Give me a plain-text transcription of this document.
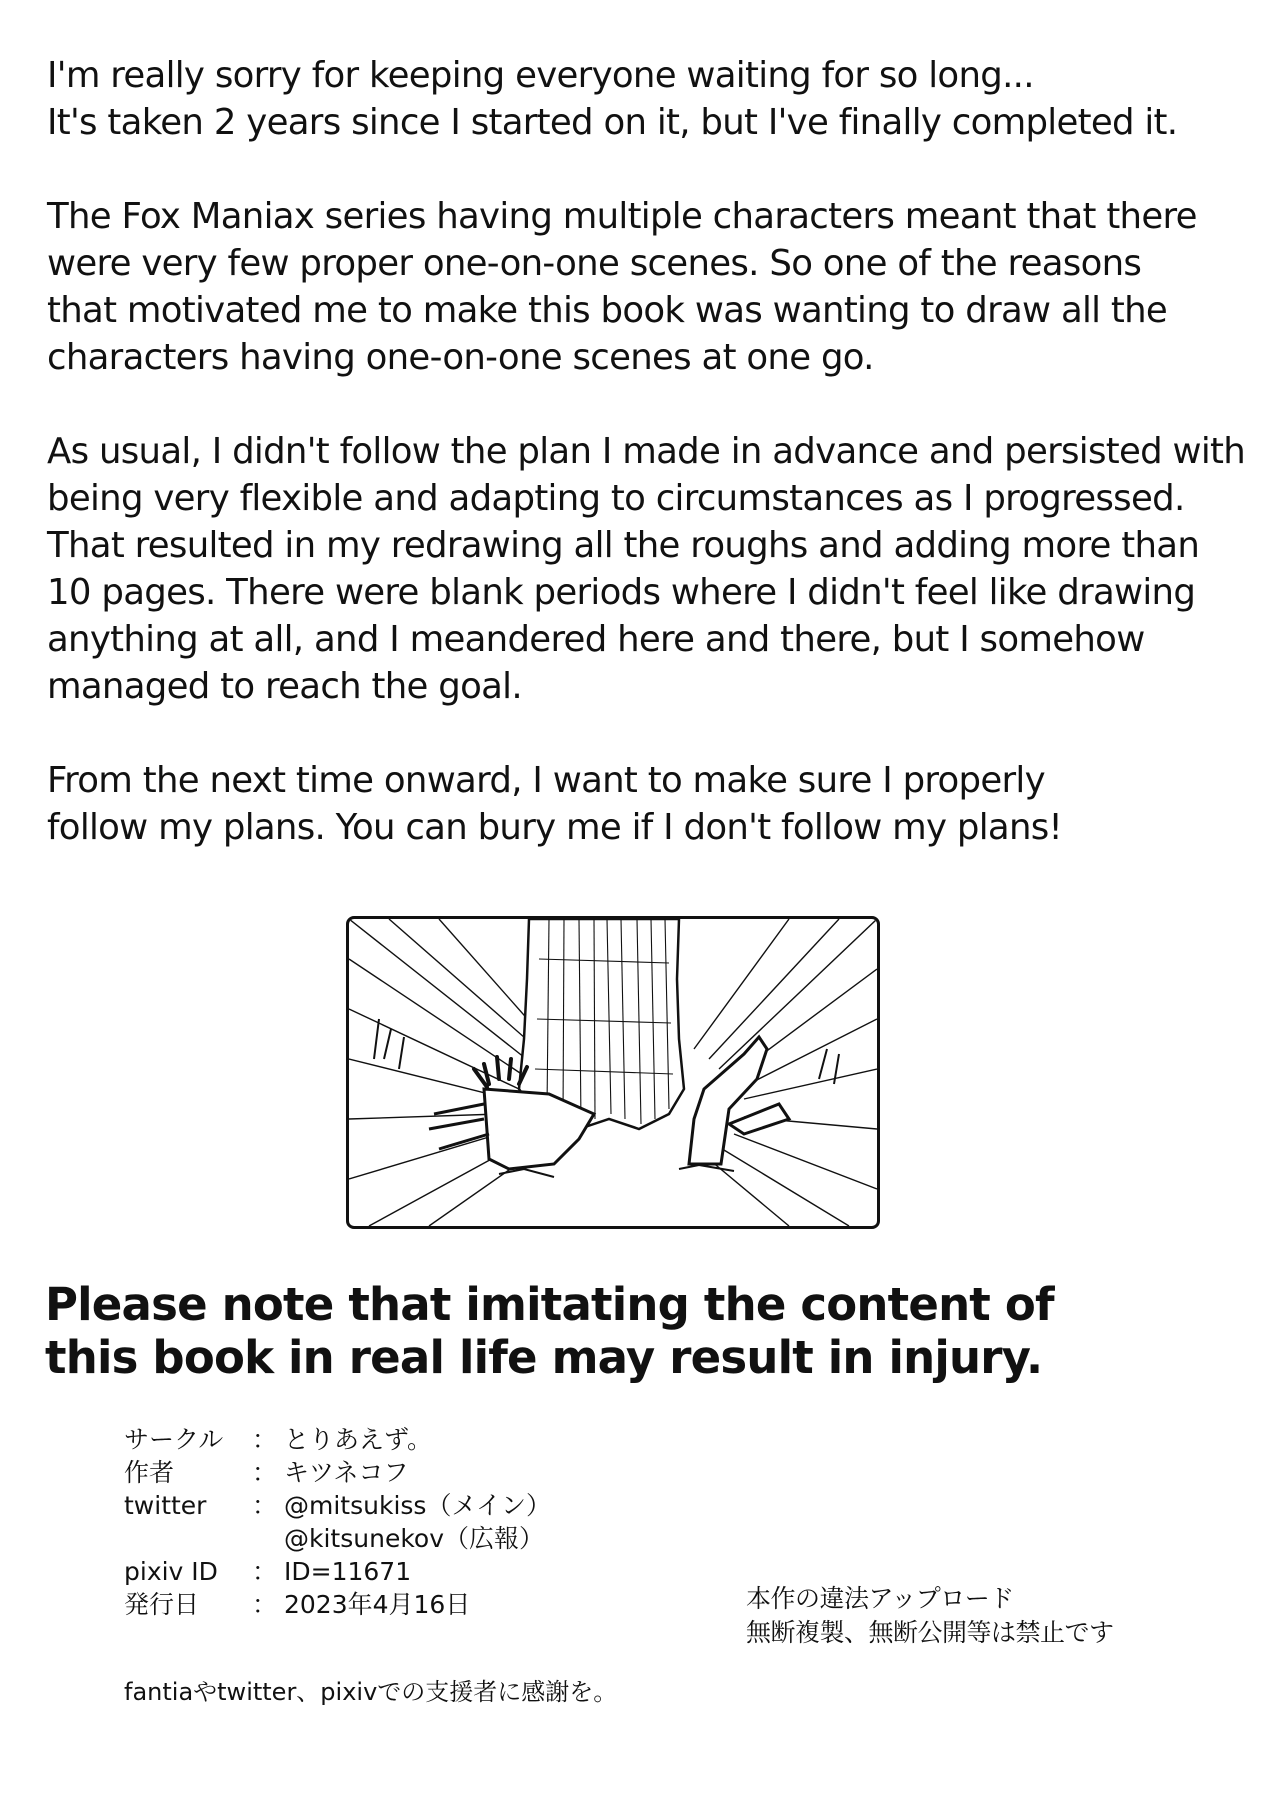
I'm really sorry for keeping everyone waiting for so long...
It's taken 2 years since I started on it, but I've finally completed it.

The Fox Maniax series having multiple characters meant that there
were very few proper one-on-one scenes. So one of the reasons
that motivated me to make this book was wanting to draw all the
characters having one-on-one scenes at one go.

As usual, I didn't follow the plan I made in advance and persisted with
being very flexible and adapting to circumstances as I progressed.
That resulted in my redrawing all the roughs and adding more than
10 pages. There were blank periods where I didn't feel like drawing
anything at all, and I meandered here and there, but I somehow
managed to reach the goal.

From the next time onward, I want to make sure I properly
follow my plans. You can bury me if I don't follow my plans!

Please note that imitating the content of
this book in real life may result in injury.
サークル	： とりあえず。
作者	： キツネコフ
twitter	： @mitsukiss（メイン）
@kitsunekov（広報）
pixiv ID	： ID=11671
発行日	： 2023年4月16日	本作の違法アップロード
無断複製、無断公開等は禁止です
fantiaやtwitter、pixivでの支援者に感謝を。
